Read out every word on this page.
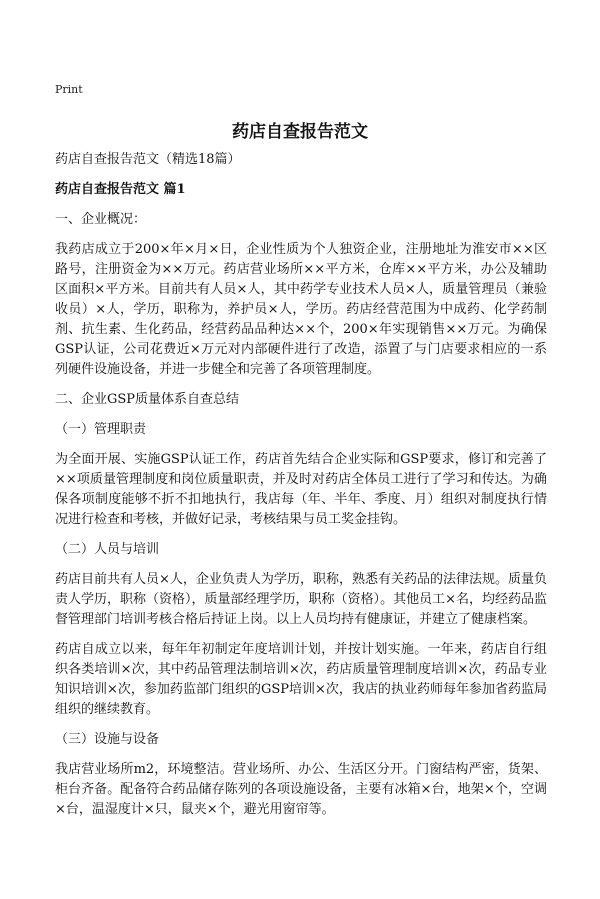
Print
药店自查报告范文

药店自查报告范文（精选18篇）

药店自查报告范文 篇1

一、企业概况：

我药店成立于200×年×月×日，企业性质为个人独资企业，注册地址为淮安市××区路号，注册资金为××万元。药店营业场所××平方米，仓库××平方米，办公及辅助区面积×平方米。目前共有人员×人，其中药学专业技术人员×人，质量管理员（兼验收员）×人，学历，职称为，养护员×人，学历。药店经营范围为中成药、化学药制剂、抗生素、生化药品，经营药品品种达××个，200×年实现销售××万元。为确保GSP认证，公司花费近×万元对内部硬件进行了改造，添置了与门店要求相应的一系列硬件设施设备，并进一步健全和完善了各项管理制度。

二、企业GSP质量体系自查总结

（一）管理职责

为全面开展、实施GSP认证工作，药店首先结合企业实际和GSP要求，修订和完善了××项质量管理制度和岗位质量职责，并及时对药店全体员工进行了学习和传达。为确保各项制度能够不折不扣地执行，我店每（年、半年、季度、月）组织对制度执行情况进行检查和考核，并做好记录，考核结果与员工奖金挂钩。

（二）人员与培训

药店目前共有人员×人，企业负责人为学历，职称，熟悉有关药品的法律法规。质量负责人学历，职称（资格），质量部经理学历，职称（资格）。其他员工×名，均经药品监督管理部门培训考核合格后持证上岗。以上人员均持有健康证，并建立了健康档案。

药店自成立以来，每年年初制定年度培训计划，并按计划实施。一年来，药店自行组织各类培训×次，其中药品管理法制培训×次，药店质量管理制度培训×次，药品专业知识培训×次，参加药监部门组织的GSP培训×次，我店的执业药师每年参加省药监局组织的继续教育。

（三）设施与设备

我店营业场所m2，环境整洁。营业场所、办公、生活区分开。门窗结构严密，货架、柜台齐备。配备符合药品储存陈列的各项设施设备，主要有冰箱×台，地架×个，空调×台，温湿度计×只，鼠夹×个，避光用窗帘等。
